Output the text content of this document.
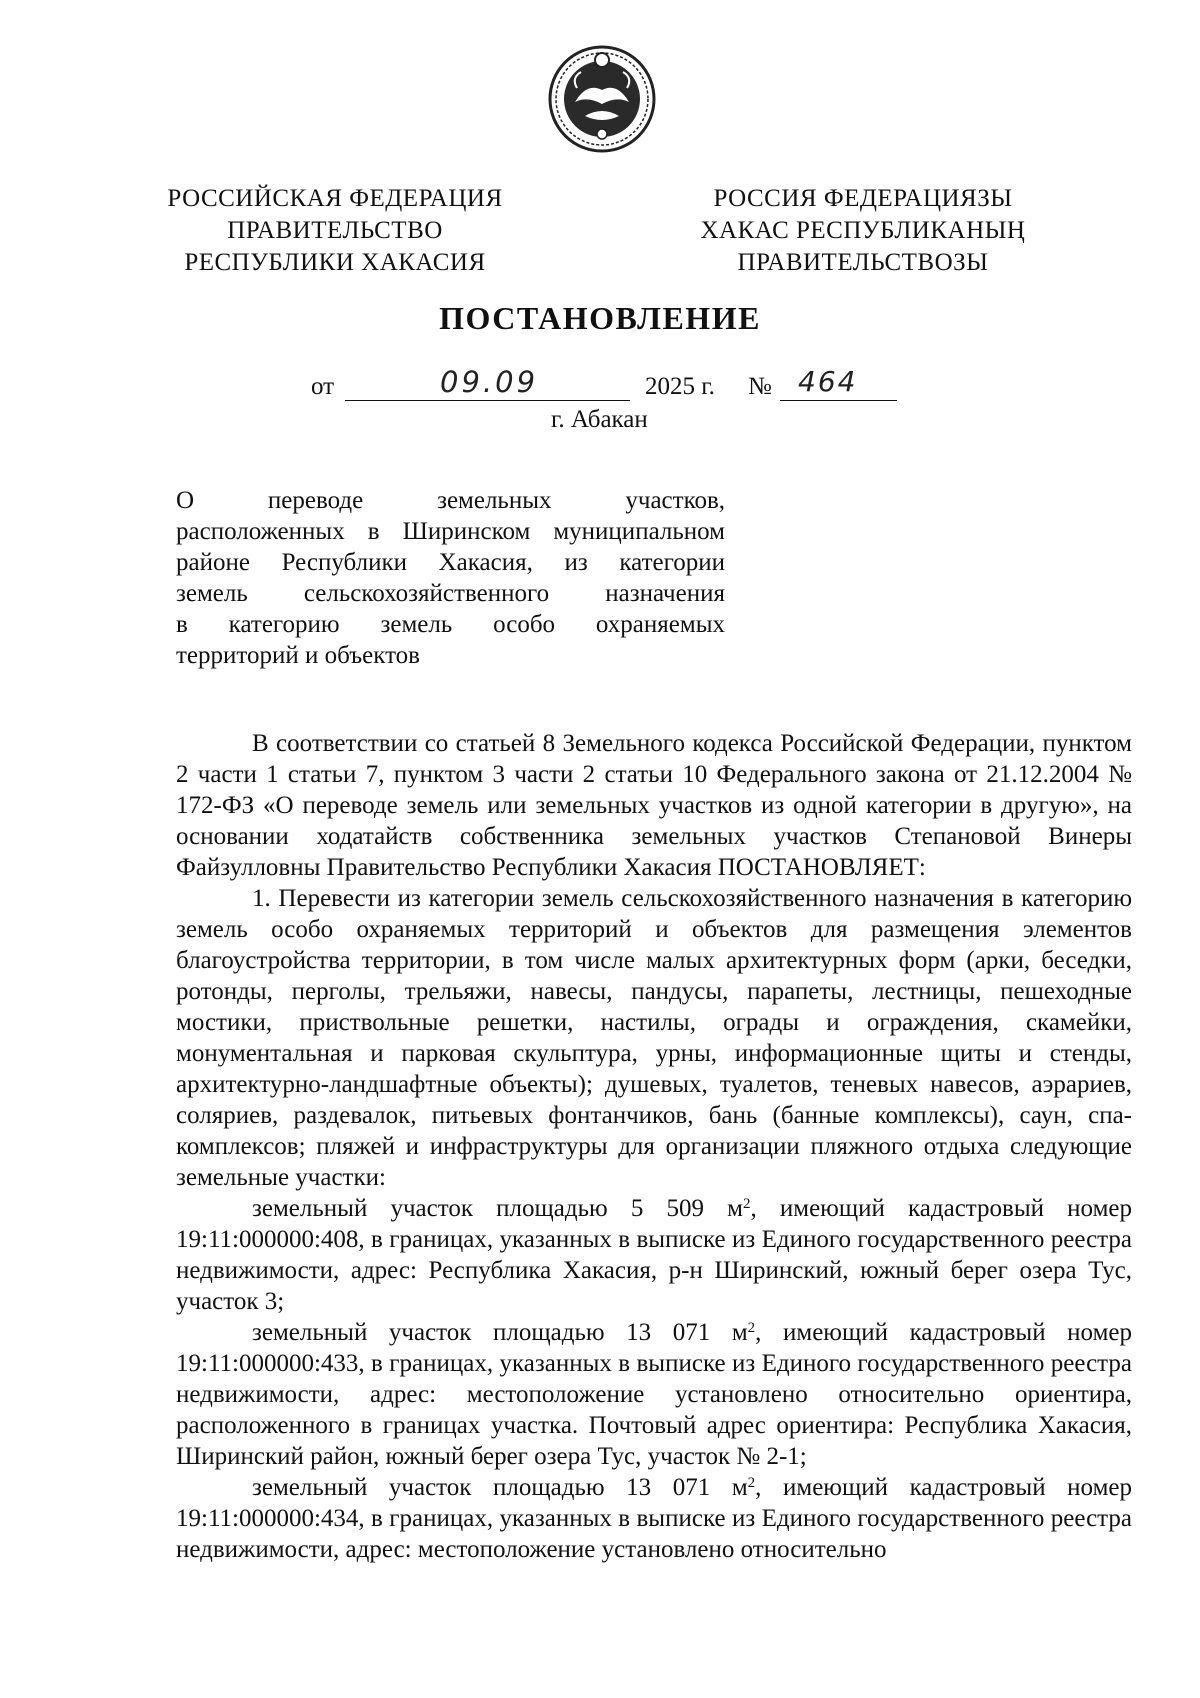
РОССИЙСКАЯ ФЕДЕРАЦИЯ
ПРАВИТЕЛЬСТВО
РЕСПУБЛИКИ ХАКАСИЯ
РОССИЯ ФЕДЕРАЦИЯЗЫ
ХАКАС РЕСПУБЛИКАНЫҢ
ПРАВИТЕЛЬСТВОЗЫ
ПОСТАНОВЛЕНИЕ
от	09.09	2025 г. № 464
г. Абакан
О переводе земельных участков,
расположенных в Ширинском муниципальном
районе Республики Хакасия, из категории
земель сельскохозяйственного назначения
в категорию земель особо охраняемых
территорий и объектов

В соответствии со статьей 8 Земельного кодекса Российской Федерации, пунктом 2 части 1 статьи 7, пунктом 3 части 2 статьи 10 Федерального закона от 21.12.2004 № 172-ФЗ «О переводе земель или земельных участков из одной категории в другую», на основании ходатайств собственника земельных участков Степановой Винеры Файзулловны Правительство Республики Хакасия ПОСТАНОВЛЯЕТ:

1. Перевести из категории земель сельскохозяйственного назначения в категорию земель особо охраняемых территорий и объектов для размещения элементов благоустройства территории, в том числе малых архитектурных форм (арки, беседки, ротонды, перголы, трельяжи, навесы, пандусы, парапеты, лестницы, пешеходные мостики, приствольные решетки, настилы, ограды и ограждения, скамейки, монументальная и парковая скульптура, урны, информационные щиты и стенды, архитектурно-ландшафтные объекты); душевых, туалетов, теневых навесов, аэрариев, соляриев, раздевалок, питьевых фонтанчиков, бань (банные комплексы), саун, спа-комплексов; пляжей и инфраструктуры для организации пляжного отдыха следующие земельные участки:

земельный участок площадью 5 509 $м^2$, имеющий кадастровый номер 19:11:000000:408, в границах, указанных в выписке из Единого государственного реестра недвижимости, адрес: Республика Хакасия, р-н Ширинский, южный берег озера Тус, участок 3;

земельный участок площадью 13 071 $м^2$, имеющий кадастровый номер 19:11:000000:433, в границах, указанных в выписке из Единого государственного реестра недвижимости, адрес: местоположение установлено относительно ориентира, расположенного в границах участка. Почтовый адрес ориентира: Республика Хакасия, Ширинский район, южный берег озера Тус, участок № 2-1;

земельный участок площадью 13 071 $м^2$, имеющий кадастровый номер 19:11:000000:434, в границах, указанных в выписке из Единого государственного реестра недвижимости, адрес: местоположение установлено относительно
